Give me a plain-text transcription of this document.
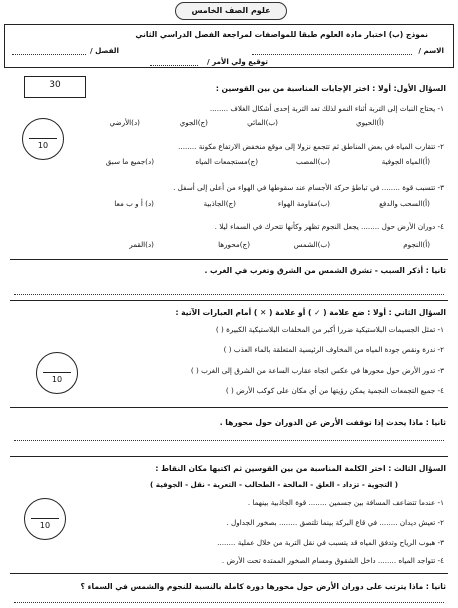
علوم الصف الخامس
نموذج (ب) اختبار مادة العلوم طبقا للمواصفات لمراجعة الفصل الدراسي الثاني
الاسم /
الفصل /
توقيع ولي الأمر /
30	السؤال الأول: أولا : اختر الإجابات المناسبة من بين القوسين :
10
١- يحتاج النبات إلى التربة أثناء النمو لذلك تعد التربة إحدى أشكال الغلاف ........
(أ)الحيوي
(ب)المائي
(ج)الجوي
(د)الأرضي
٢- تتقارب المياه في بعض المناطق ثم تتجمع نزولا إلى موقع منخفض الارتفاع مكونة ........
(أ)المياه الجوفية
(ب)المصب
(ج)مستجمعات المياه
(د)جميع ما سبق
٣- تتسبب قوة ........ في تباطؤ حركة الأجسام عند سقوطها في الهواء من أعلى إلى أسفل .
(أ)السحب والدفع
(ب)مقاومة الهواء
(ج)الجاذبية
(د) أ و ب معا
٤- دوران الأرض حول ........ يجعل النجوم تظهر وكأنها تتحرك في السماء ليلا .
(أ)النجوم
(ب)الشمس
(ج)محورها
(د)القمر
ثانيا : أذكر السبب - تشرق الشمس من الشرق وتغرب في الغرب .
السؤال الثاني : أولا : ضع علامة ( ✓ ) أو علامة ( ✕ ) أمام العبارات الآتية :
10
١- تمثل الجسيمات البلاستيكية ضررا أكبر من المخلفات البلاستيكية الكبيرة ( )
٢- ندرة ونقص جودة المياه من المخاوف الرئيسية المتعلقة بالماء العذب ( )
٣- تدور الأرض حول محورها في عكس اتجاه عقارب الساعة من الشرق إلى الغرب ( )
٤- جميع التجمعات النجمية يمكن رؤيتها من أي مكان على كوكب الأرض ( )
ثانيا : ماذا يحدث إذا توقفت الأرض عن الدوران حول محورها .
السؤال الثالث : اختر الكلمة المناسبة من بين القوسين ثم اكتبها مكان النقاط :
( التجوية - تزداد - العلق - المالحة - الطحالب - التعرية - نقل - الجوفية )
10
١- عندما تتضاعف المسافة بين جسمين ........ قوة الجاذبية بينهما .
٢- تعيش ديدان ........ في قاع البركة بينما تلتصق ........ بصخور الجداول .
٣- هبوب الرياح وتدفق المياه قد يتسبب في نقل التربة من خلال عملية ........
٤- تتواجد المياه ........ داخل الشقوق ومسام الصخور الممتدة تحت الأرض .
ثانيا : ماذا يترتب على دوران الأرض حول محورها دورة كاملة بالنسبة للنجوم والشمس في السماء ؟
